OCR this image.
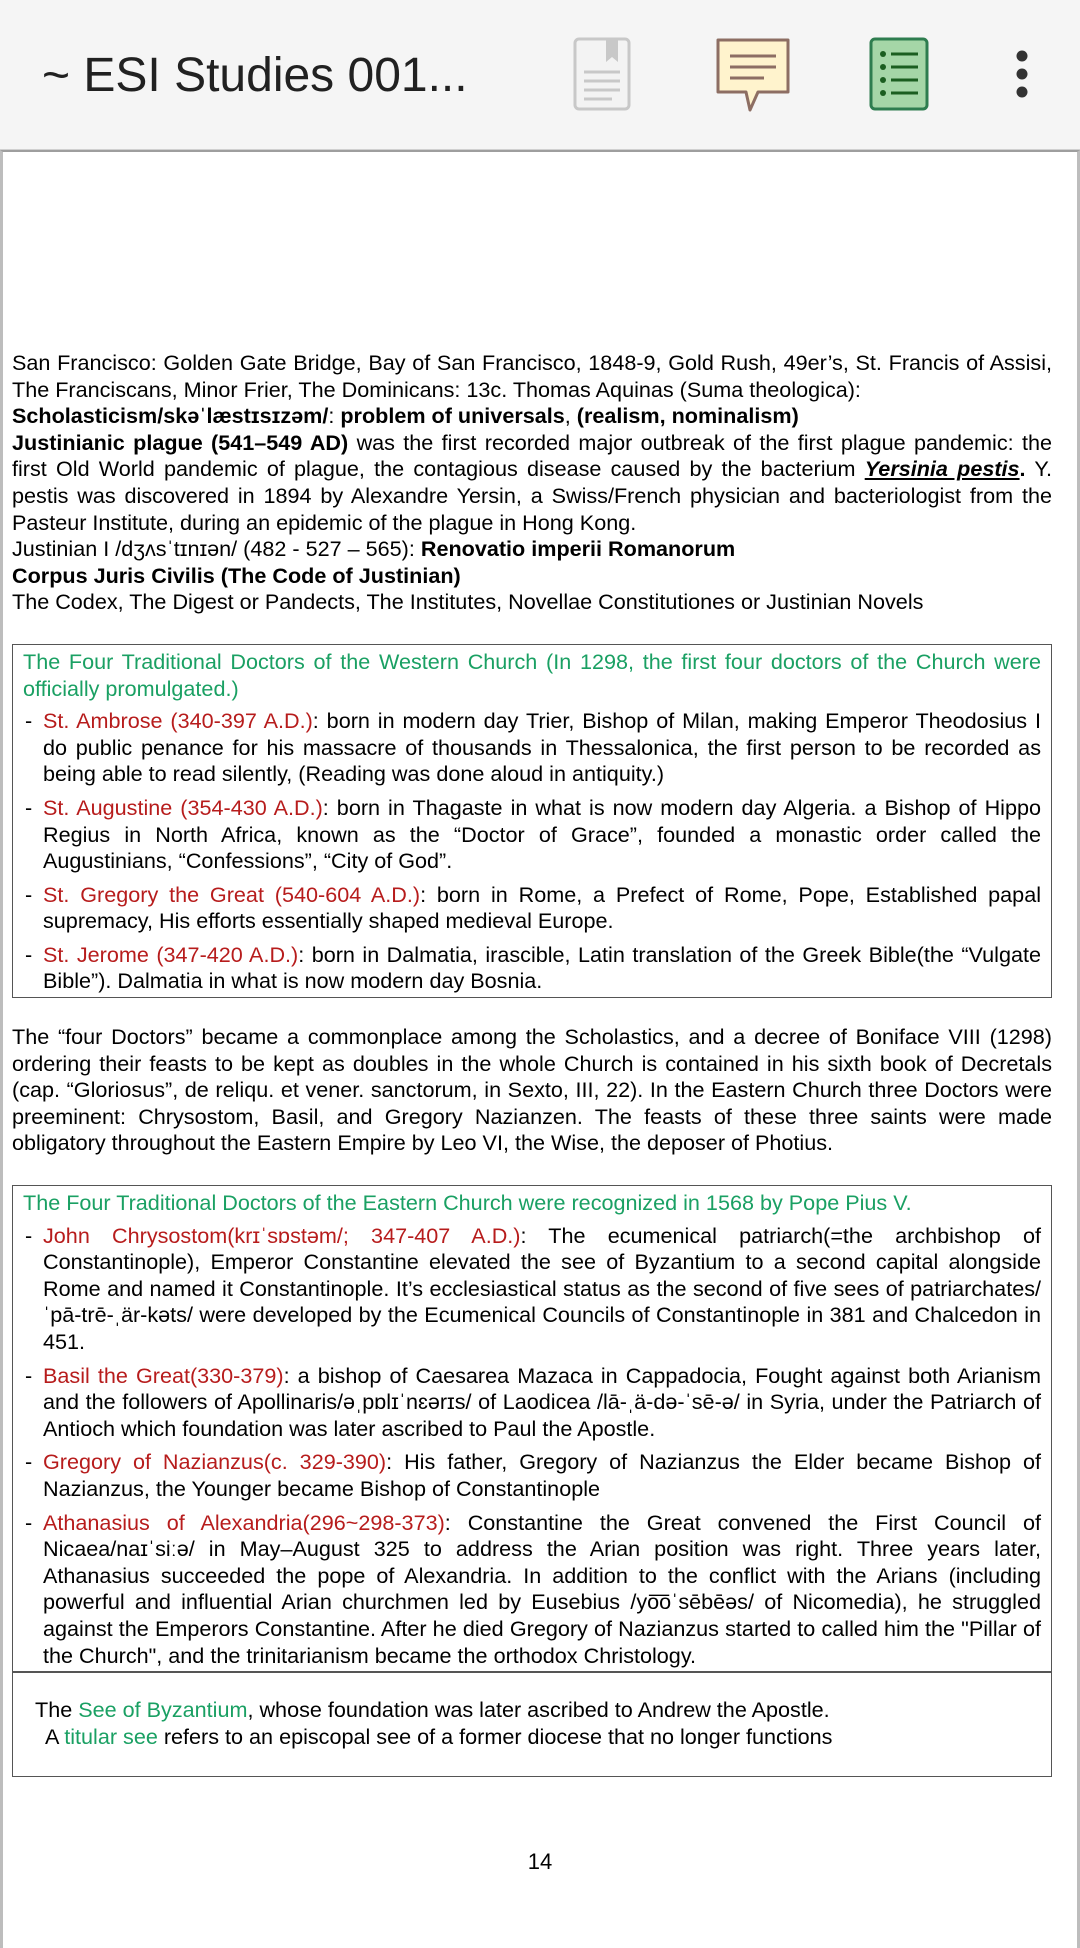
~ ESI Studies 001...

San Francisco: Golden Gate Bridge, Bay of San Francisco, 1848-9, Gold Rush, 49er’s, St. Francis of Assisi, The Franciscans, Minor Frier, The Dominicans: 13c. Thomas Aquinas (Suma theologica):

Scholasticism/skəˈlæstɪsɪzəm/: problem of universals, (realism, nominalism)

Justinianic plague (541–549 AD) was the first recorded major outbreak of the first plague pandemic: the first Old World pandemic of plague, the contagious disease caused by the bacterium Yersinia pestis. Y. pestis was discovered in 1894 by Alexandre Yersin, a Swiss/French physician and bacteriologist from the Pasteur Institute, during an epidemic of the plague in Hong Kong.

Justinian I /dʒʌsˈtɪnɪən/ (482 - 527 – 565): Renovatio imperii Romanorum

Corpus Juris Civilis (The Code of Justinian)

The Codex, The Digest or Pandects, The Institutes, Novellae Constitutiones or Justinian Novels

The Four Traditional Doctors of the Western Church (In 1298, the first four doctors of the Church were officially promulgated.)

- St. Ambrose (340-397 A.D.): born in modern day Trier, Bishop of Milan, making Emperor Theodosius I do public penance for his massacre of thousands in Thessalonica, the first person to be recorded as being able to read silently, (Reading was done aloud in antiquity.)
- St. Augustine (354-430 A.D.): born in Thagaste in what is now modern day Algeria. a Bishop of Hippo Regius in North Africa, known as the “Doctor of Grace”, founded a monastic order called the Augustinians, “Confessions”, “City of God”.
- St. Gregory the Great (540-604 A.D.): born in Rome, a Prefect of Rome, Pope, Established papal supremacy, His efforts essentially shaped medieval Europe.
- St. Jerome (347-420 A.D.): born in Dalmatia, irascible, Latin translation of the Greek Bible(the “Vulgate Bible”). Dalmatia in what is now modern day Bosnia.

The “four Doctors” became a commonplace among the Scholastics, and a decree of Boniface VIII (1298) ordering their feasts to be kept as doubles in the whole Church is contained in his sixth book of Decretals (cap. “Gloriosus”, de reliqu. et vener. sanctorum, in Sexto, III, 22). In the Eastern Church three Doctors were preeminent: Chrysostom, Basil, and Gregory Nazianzen. The feasts of these three saints were made obligatory throughout the Eastern Empire by Leo VI, the Wise, the deposer of Photius.

The Four Traditional Doctors of the Eastern Church were recognized in 1568 by Pope Pius V.

- John Chrysostom(krɪˈsɒstəm/; 347-407 A.D.): The ecumenical patriarch(=the archbishop of Constantinople), Emperor Constantine elevated the see of Byzantium to a second capital alongside Rome and named it Constantinople. It’s ecclesiastical status as the second of five sees of patriarchates/ˈpā-trē-ˌär-kəts/ were developed by the Ecumenical Councils of Constantinople in 381 and Chalcedon in 451.
- Basil the Great(330-379): a bishop of Caesarea Mazaca in Cappadocia, Fought against both Arianism and the followers of Apollinaris/əˌpɒlɪˈnɛərɪs/ of Laodicea /lā-ˌä-də-ˈsē-ə/ in Syria, under the Patriarch of Antioch which foundation was later ascribed to Paul the Apostle.
- Gregory of Nazianzus(c. 329-390): His father, Gregory of Nazianzus the Elder became Bishop of Nazianzus, the Younger became Bishop of Constantinople
- Athanasius of Alexandria(296~298-373): Constantine the Great convened the First Council of Nicaea/naɪˈsiːə/ in May–August 325 to address the Arian position was right. Three years later, Athanasius succeeded the pope of Alexandria. In addition to the conflict with the Arians (including powerful and influential Arian churchmen led by Eusebius /yo͞oˈsēbēəs/ of Nicomedia), he struggled against the Emperors Constantine. After he died Gregory of Nazianzus started to called him the "Pillar of the Church", and the trinitarianism became the orthodox Christology.

The See of Byzantium, whose foundation was later ascribed to Andrew the Apostle.

A titular see refers to an episcopal see of a former diocese that no longer functions

14
